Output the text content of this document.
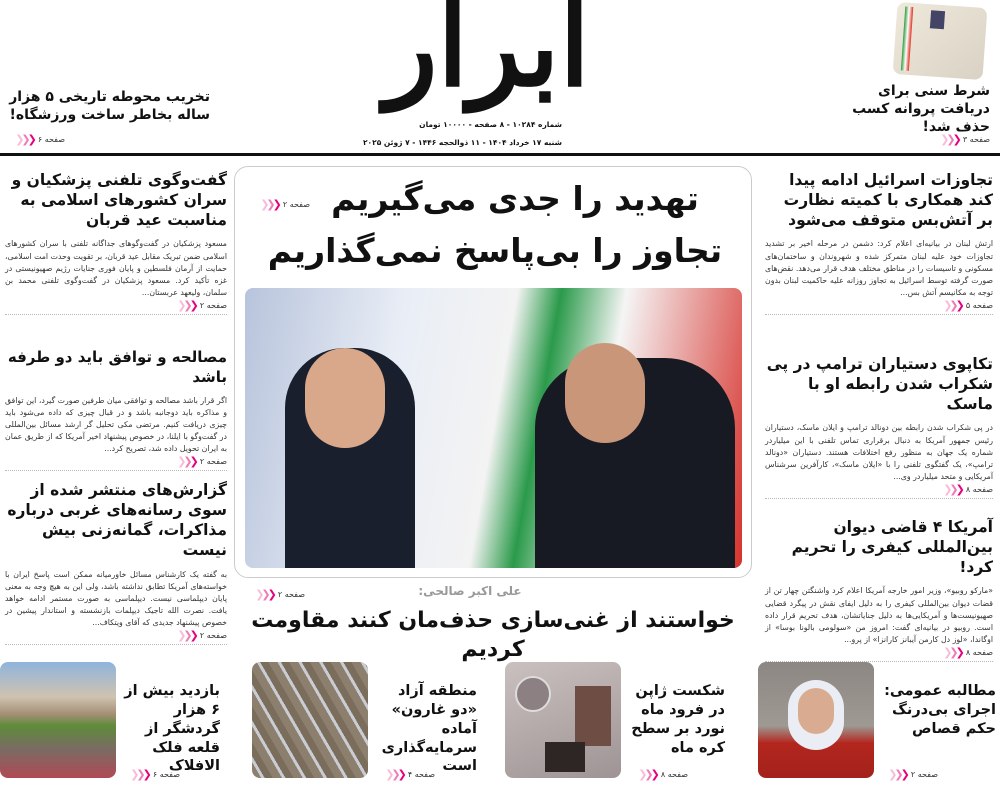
ابرار
شماره ۱۰۲۸۴ - ۸ صفحه - ۱۰۰۰۰ تومان
شنبه ۱۷ خرداد ۱۴۰۴ - ۱۱ ذوالحجه ۱۴۴۶ - ۷ ژوئن ۲۰۲۵
شرط سنی برای دریافت پروانه کسب حذف شد!
صفحه ۳
❮❮❮
تخریب محوطه تاریخی ۵ هزار ساله بخاطر ساخت ورزشگاه!
صفحه ۶
❮❮❮
تهدید را جدی می‌گیریم
تجاوز را بی‌پاسخ نمی‌گذاریم
صفحه ۲
❮❮❮
علی اکبر صالحی:
صفحه ۲
❮❮❮
خواستند از غنی‌سازی حذف‌مان کنند مقاومت کردیم
تجاوزات اسرائیل ادامه پیدا کند همکاری با کمیته نظارت بر آتش‌بس متوقف می‌شود
ارتش لبنان در بیانیه‌ای اعلام کرد: دشمن در مرحله اخیر بر تشدید تجاوزات خود علیه لبنان متمرکز شده و شهروندان و ساختمان‌های مسکونی و تاسیسات را در مناطق مختلف هدف قرار می‌دهد. نقض‌های صورت گرفته توسط اسرائیل به تجاوز روزانه علیه حاکمیت لبنان بدون توجه به مکانیسم آتش بس...
صفحه ۵
❮❮❮
تکاپوی دستیاران ترامپ در پی شکراب شدن رابطه او با ماسک
در پی شکراب شدن رابطه بین دونالد ترامپ و ایلان ماسک، دستیاران رئیس جمهور آمریکا به دنبال برقراری تماس تلفنی با این میلیاردر شماره یک جهان به منظور رفع اختلافات هستند. دستیاران «دونالد ترامپ»، یک گفتگوی تلفنی را با «ایلان ماسک»، کارآفرین سرشناس آمریکایی و متحد میلیاردر وی...
صفحه ۸
❮❮❮
آمریکا ۴ قاضی دیوان بین‌المللی کیفری را تحریم کرد!
«مارکو روبیو»، وزیر امور خارجه آمریکا اعلام کرد واشنگتن چهار تن از قضات دیوان بین‌المللی کیفری را به دلیل ایفای نقش در پیگرد قضایی صهیونیست‌ها و آمریکایی‌ها به دلیل جنایاتشان، هدف تحریم قرار داده است. روبیو در بیانیه‌ای گفت: امروز من «سولومی بالونا بوسا» از اوگاندا، «لوز دل کارمن آیبانز کارانزا» از پرو...
صفحه ۸
❮❮❮
گفت‌وگوی تلفنی پزشکیان و سران کشورهای اسلامی به مناسبت عید قربان
مسعود پزشکیان در گفت‌وگوهای جداگانه تلفنی با سران کشورهای اسلامی ضمن تبریک مقابل عید قربان، بر تقویت وحدت امت اسلامی، حمایت از آرمان فلسطین و پایان فوری جنایات رژیم صهیونیستی در غزه تأکید کرد. مسعود پزشکیان در گفت‌وگوی تلفنی محمد بن سلمان، ولیعهد عربستان...
صفحه ۲
❮❮❮
مصالحه و توافق باید دو طرفه باشد
اگر قرار باشد مصالحه و توافقی میان طرفین صورت گیرد، این توافق و مذاکره باید دوجانبه باشد و در قبال چیزی که داده می‌شود باید چیزی دریافت کنیم. مرتضی مکی تحلیل گر ارشد مسائل بین‌المللی در گفت‌وگو با ایلنا، در خصوص پیشنهاد اخیر آمریکا که از طریق عمان به ایران تحویل داده شد، تصریح کرد...
صفحه ۲
❮❮❮
گزارش‌های منتشر شده از سوی رسانه‌های غربی درباره مذاکرات، گمانه‌زنی بیش نیست
به گفته یک کارشناس مسائل خاورمیانه ممکن است پاسخ ایران با خواسته‌های آمریکا تطابق نداشته باشد، ولی این به هیچ وجه به معنی پایان دیپلماسی نیست. دیپلماسی به صورت مستمر ادامه خواهد یافت. نصرت الله تاجیک دیپلمات بازنشسته و استاندار پیشین در خصوص پیشنهاد جدیدی که آقای ویتکاف...
صفحه ۲
❮❮❮
مطالبه عمومی: اجرای بی‌درنگ حکم قصاص
صفحه ۲
❮❮❮
شکست ژاپن در فرود ماه نورد بر سطح کره ماه
صفحه ۸
❮❮❮
منطقه آزاد «دو غارون» آماده سرمایه‌گذاری است
صفحه ۴
❮❮❮
بازدید بیش از ۶ هزار گردشگر از قلعه فلک الافلاک
صفحه ۶
❮❮❮
